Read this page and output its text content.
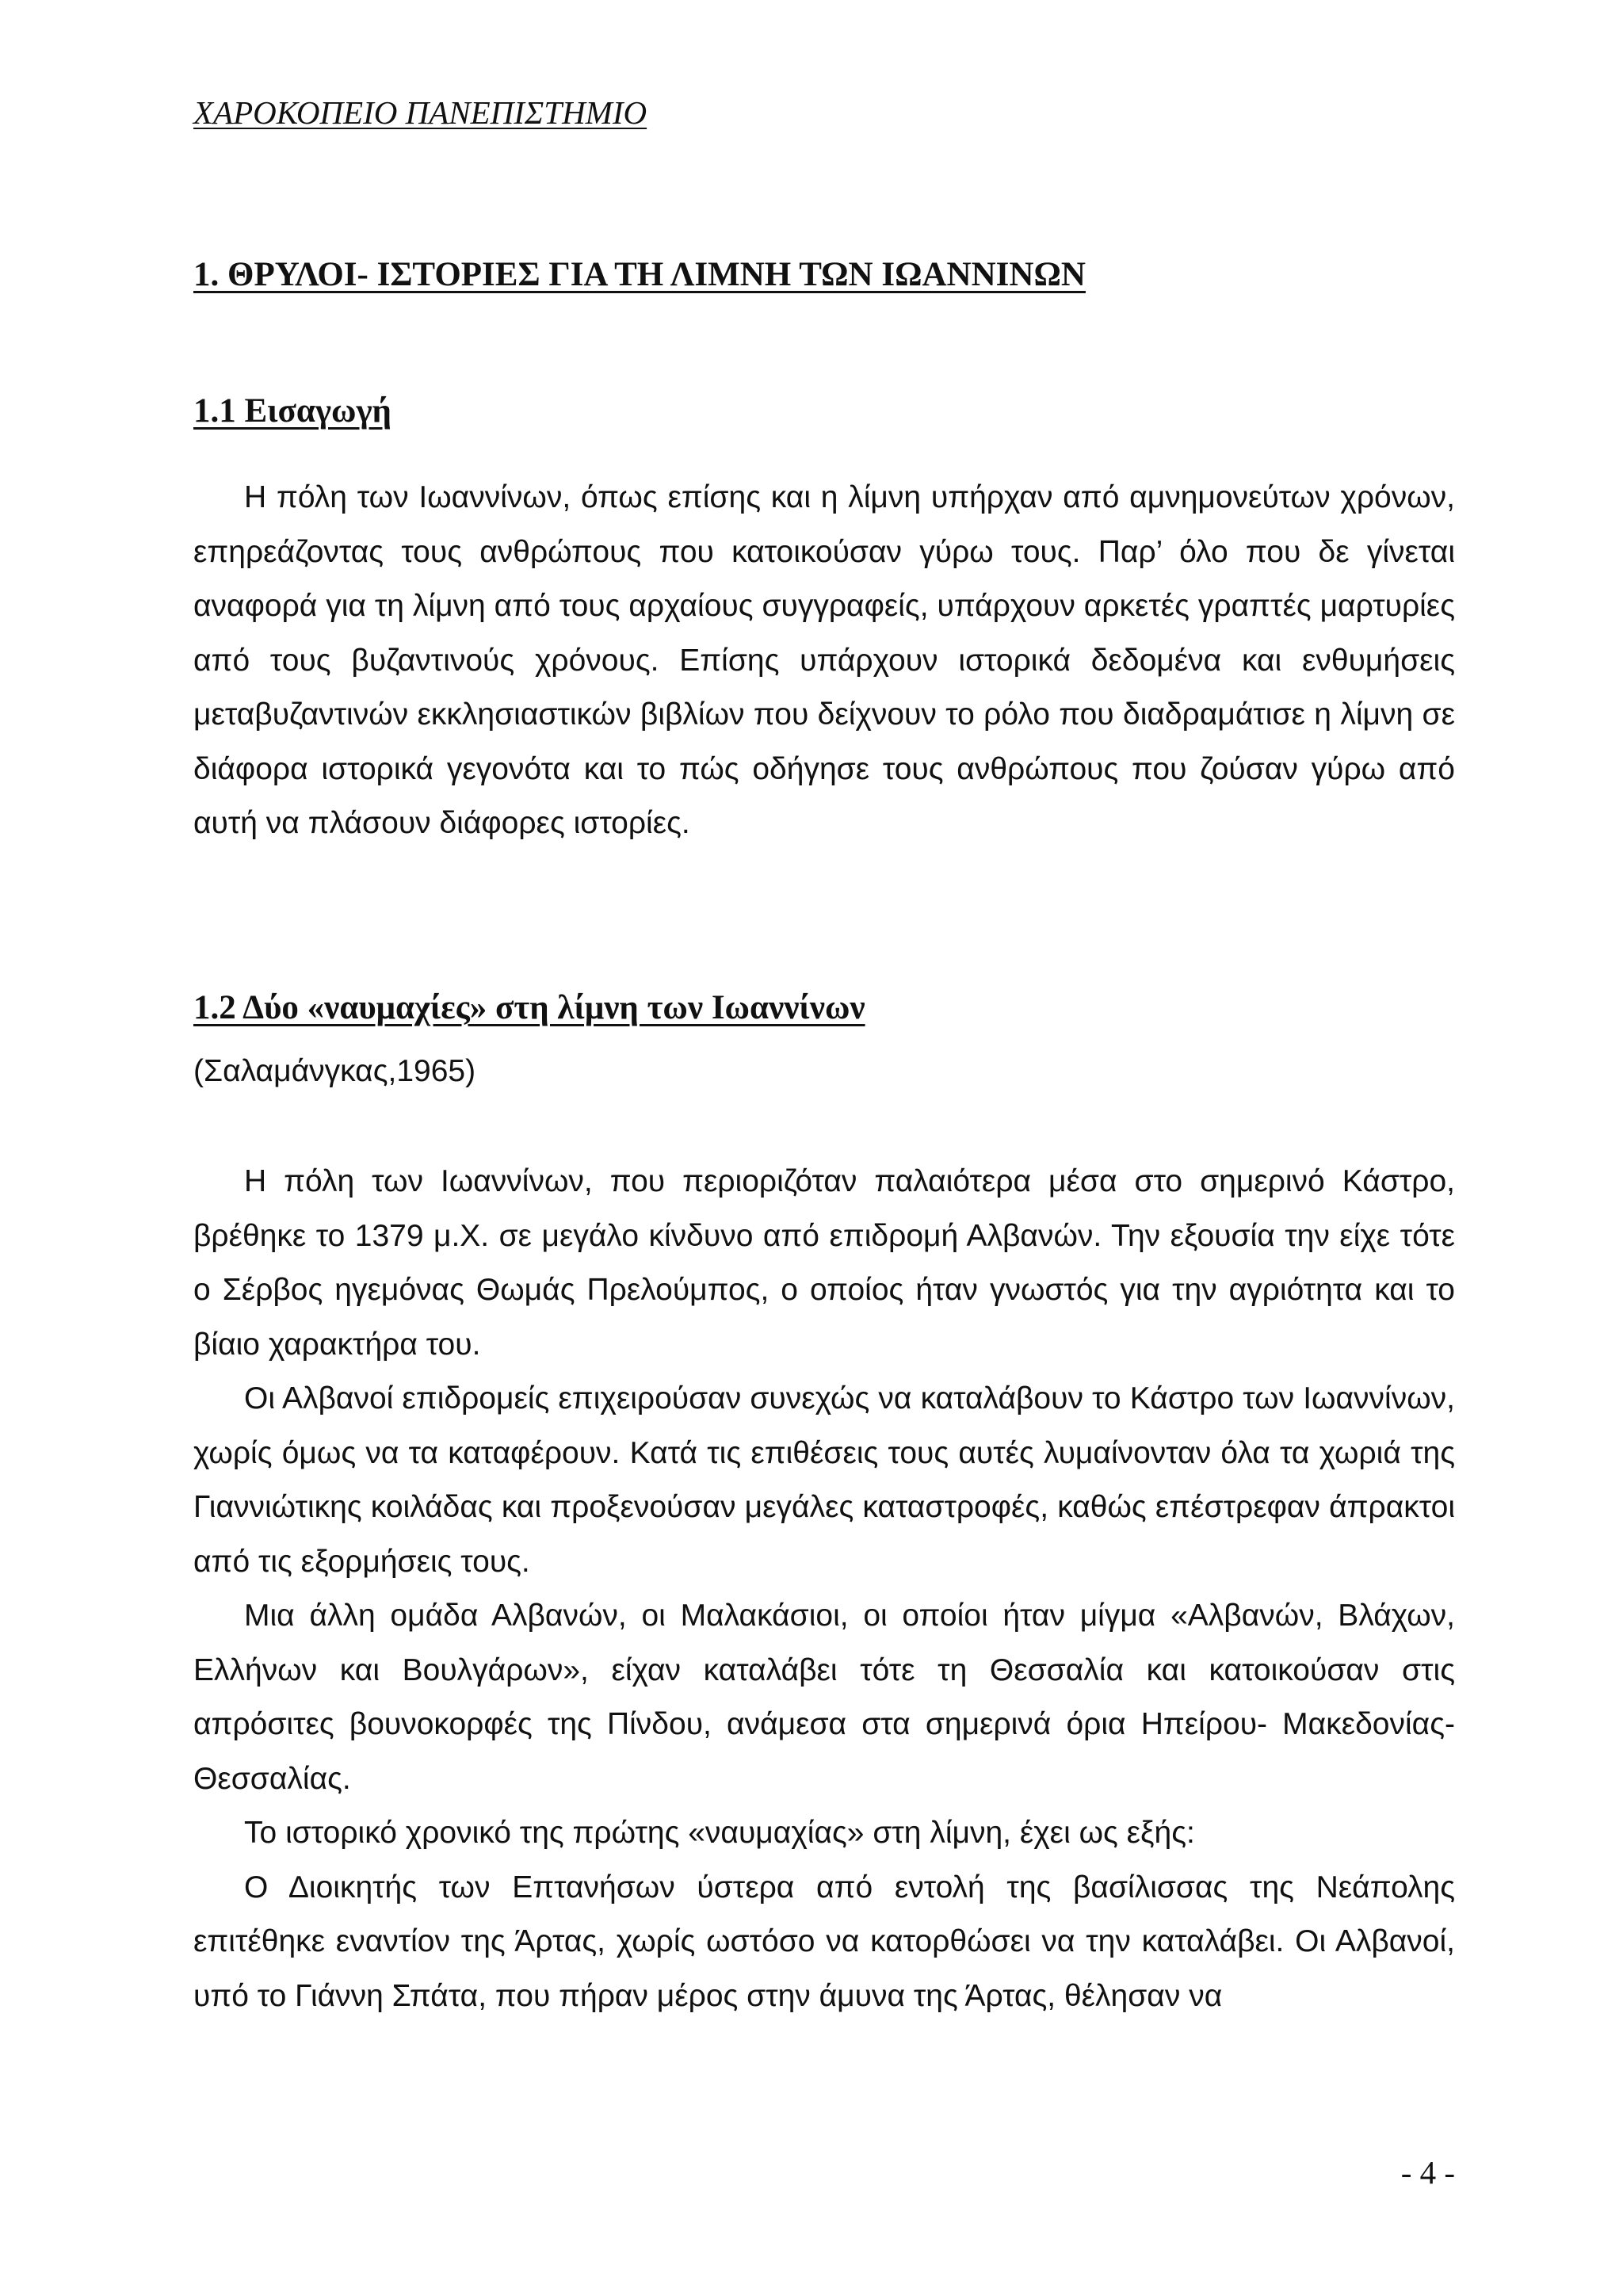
ΧΑΡΟΚΟΠΕΙΟ ΠΑΝΕΠΙΣΤΗΜΙΟ
1. ΘΡΥΛΟΙ- ΙΣΤΟΡΙΕΣ ΓΙΑ ΤΗ ΛΙΜΝΗ ΤΩΝ ΙΩΑΝΝΙΝΩΝ
1.1 Εισαγωγή

Η πόλη των Ιωαννίνων, όπως επίσης και η λίμνη υπήρχαν από αμνημονεύτων χρόνων, επηρεάζοντας τους ανθρώπους που κατοικούσαν γύρω τους. Παρ’ όλο που δε γίνεται αναφορά για τη λίμνη από τους αρχαίους συγγραφείς, υπάρχουν αρκετές γραπτές μαρτυρίες από τους βυζαντινούς χρόνους. Επίσης υπάρχουν ιστορικά δεδομένα και ενθυμήσεις μεταβυζαντινών εκκλησιαστικών βιβλίων που δείχνουν το ρόλο που διαδραμάτισε η λίμνη σε διάφορα ιστορικά γεγονότα και το πώς οδήγησε τους ανθρώπους που ζούσαν γύρω από αυτή να πλάσουν διάφορες ιστορίες.

1.2 Δύο «ναυμαχίες» στη λίμνη των Ιωαννίνων
(Σαλαμάνγκας,1965)

Η πόλη των Ιωαννίνων, που περιοριζόταν παλαιότερα μέσα στο σημερινό Κάστρο, βρέθηκε το 1379 μ.Χ. σε μεγάλο κίνδυνο από επιδρομή Αλβανών. Την εξουσία την είχε τότε ο Σέρβος ηγεμόνας Θωμάς Πρελούμπος, ο οποίος ήταν γνωστός για την αγριότητα και το βίαιο χαρακτήρα του.

Οι Αλβανοί επιδρομείς επιχειρούσαν συνεχώς να καταλάβουν το Κάστρο των Ιωαννίνων, χωρίς όμως να τα καταφέρουν. Κατά τις επιθέσεις τους αυτές λυμαίνονταν όλα τα χωριά της Γιαννιώτικης κοιλάδας και προξενούσαν μεγάλες καταστροφές, καθώς επέστρεφαν άπρακτοι από τις εξορμήσεις τους.

Μια άλλη ομάδα Αλβανών, οι Μαλακάσιοι, οι οποίοι ήταν μίγμα «Αλβανών, Βλάχων, Ελλήνων και Βουλγάρων», είχαν καταλάβει τότε τη Θεσσαλία και κατοικούσαν στις απρόσιτες βουνοκορφές της Πίνδου, ανάμεσα στα σημερινά όρια Ηπείρου- Μακεδονίας- Θεσσαλίας.

Το ιστορικό χρονικό της πρώτης «ναυμαχίας» στη λίμνη, έχει ως εξής:

Ο Διοικητής των Επτανήσων ύστερα από εντολή της βασίλισσας της Νεάπολης επιτέθηκε εναντίον της Άρτας, χωρίς ωστόσο να κατορθώσει να την καταλάβει. Οι Αλβανοί, υπό το Γιάννη Σπάτα, που πήραν μέρος στην άμυνα της Άρτας, θέλησαν να

- 4 -
